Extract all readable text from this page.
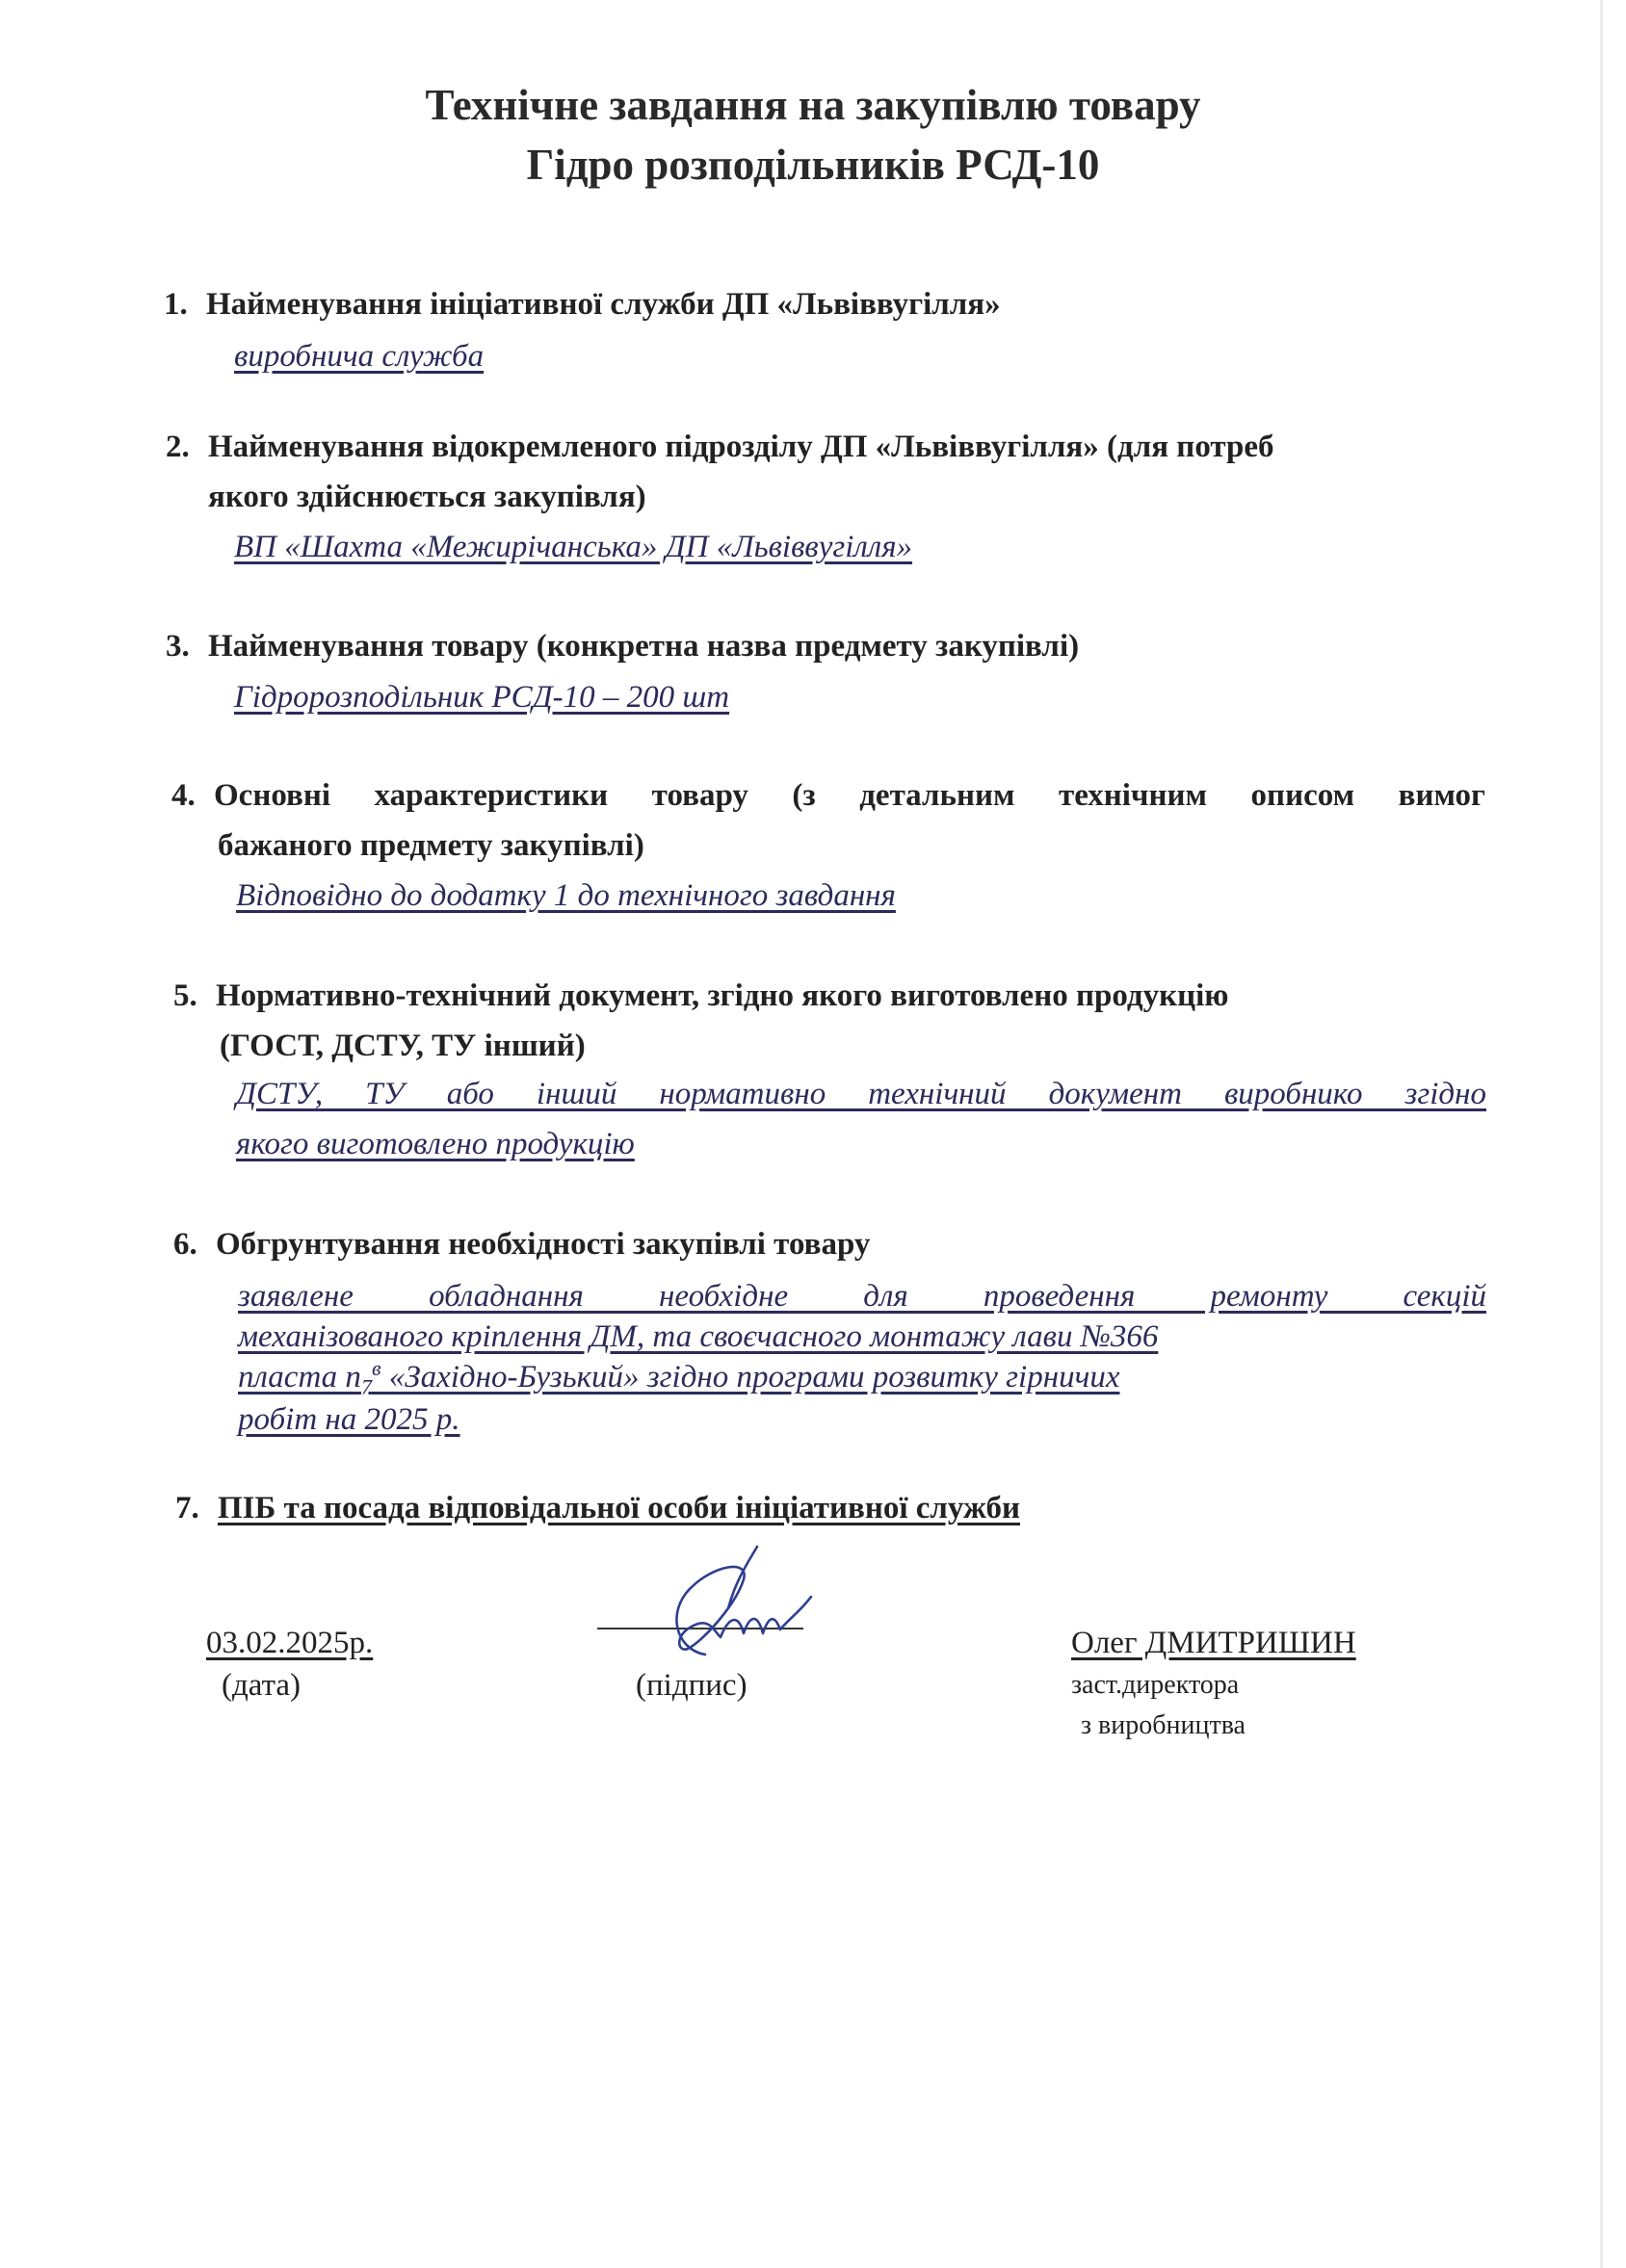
Технічне завдання на закупівлю товару
Гідро розподільників РСД-10
1. Найменування ініціативної служби ДП «Львіввугілля»
виробнича служба
2. Найменування відокремленого підрозділу ДП «Львіввугілля» (для потреб
якого здійснюється закупівля)
ВП «Шахта «Межирічанська» ДП «Львіввугілля»
3. Найменування товару (конкретна назва предмету закупівлі)
Гідророзподільник РСД-10 – 200 шт
4. Основні характеристики товару (з детальним технічним описом вимог
бажаного предмету закупівлі)
Відповідно до додатку 1 до технічного завдання
5. Нормативно-технічний документ, згідно якого виготовлено продукцію
(ГОСТ, ДСТУ, ТУ інший)
ДСТУ, ТУ або інший нормативно технічний документ виробнико згідно
якого виготовлено продукцію
6. Обгрунтування необхідності закупівлі товару
заявлене обладнання необхідне для проведення ремонту секцій
механізованого кріплення ДМ, та своєчасного монтажу лави №366
пласта $n_7^в$ «Західно-Бузький» згідно програми розвитку гірничих
робіт на 2025 р.
7. ПІБ та посада відповідальної особи ініціативної служби
03.02.2025р.
(дата)	(підпис)
Олег ДМИТРИШИН
заст.директора
з виробництва
